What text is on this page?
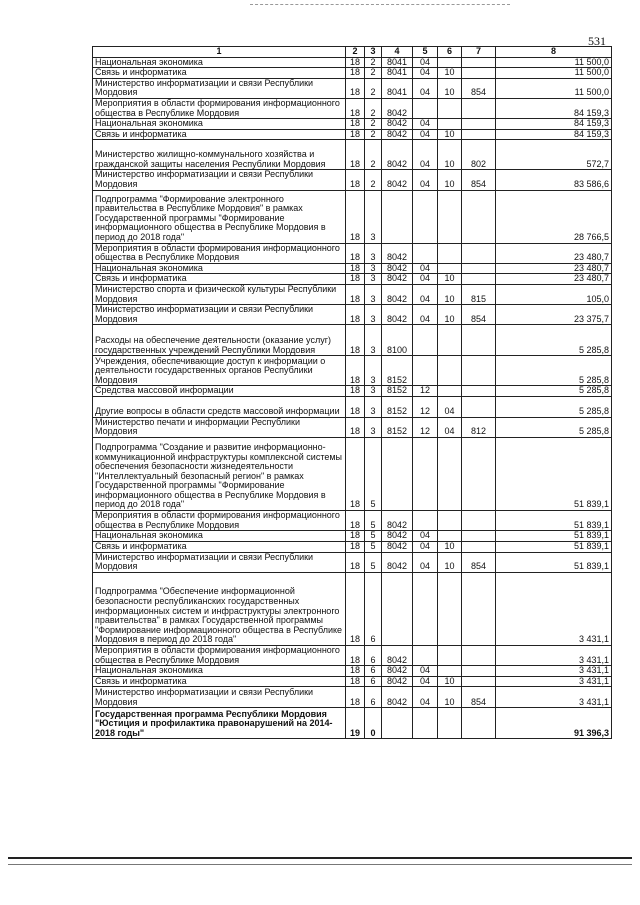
531
1	2	3	4	5	6	7	8
Национальная экономика	18	2	8041	04			11 500,0
Связь и информатика	18	2	8041	04	10		11 500,0
Министерство информатизации и связи Республики Мордовия	18	2	8041	04	10	854	11 500,0
Мероприятия в области формирования информационного общества в Республике Мордовия	18	2	8042				84 159,3
Национальная экономика	18	2	8042	04			84 159,3
Связь и информатика	18	2	8042	04	10		84 159,3
Министерство жилищно-коммунального хозяйства и гражданской защиты населения Республики Мордовия	18	2	8042	04	10	802	572,7
Министерство информатизации и связи Республики Мордовия	18	2	8042	04	10	854	83 586,6
Подпрограмма "Формирование электронного правительства в Республике Мордовия" в рамках Государственной программы "Формирование информационного общества в Республике Мордовия в период до 2018 года"	18	3					28 766,5
Мероприятия в области формирования информационного общества в Республике Мордовия	18	3	8042				23 480,7
Национальная экономика	18	3	8042	04			23 480,7
Связь и информатика	18	3	8042	04	10		23 480,7
Министерство спорта и физической культуры Республики Мордовия	18	3	8042	04	10	815	105,0
Министерство информатизации и связи Республики Мордовия	18	3	8042	04	10	854	23 375,7
Расходы на обеспечение деятельности (оказание услуг) государственных учреждений Республики Мордовия	18	3	8100				5 285,8
Учреждения, обеспечивающие доступ к информации о деятельности государственных органов Республики Мордовия	18	3	8152				5 285,8
Средства массовой информации	18	3	8152	12			5 285,8
Другие вопросы в области средств массовой информации	18	3	8152	12	04		5 285,8
Министерство печати и информации Республики Мордовия	18	3	8152	12	04	812	5 285,8
Подпрограмма "Создание и развитие информационно-коммуникационной инфраструктуры комплексной системы обеспечения безопасности жизнедеятельности "Интеллектуальный безопасный регион" в рамках Государственной программы "Формирование информационного общества в Республике Мордовия в период до 2018 года"	18	5					51 839,1
Мероприятия в области формирования информационного общества в Республике Мордовия	18	5	8042				51 839,1
Национальная экономика	18	5	8042	04			51 839,1
Связь и информатика	18	5	8042	04	10		51 839,1
Министерство информатизации и связи Республики Мордовия	18	5	8042	04	10	854	51 839,1
Подпрограмма "Обеспечение информационной безопасности республиканских государственных информационных систем и инфраструктуры электронного правительства" в рамках Государственной программы "Формирование информационного общества в Республике Мордовия в период до 2018 года"	18	6					3 431,1
Мероприятия в области формирования информационного общества в Республике Мордовия	18	6	8042				3 431,1
Национальная экономика	18	6	8042	04			3 431,1
Связь и информатика	18	6	8042	04	10		3 431,1
Министерство информатизации и связи Республики Мордовия	18	6	8042	04	10	854	3 431,1
Государственная программа Республики Мордовия "Юстиция и профилактика правонарушений на 2014-2018 годы"	19	0					91 396,3
